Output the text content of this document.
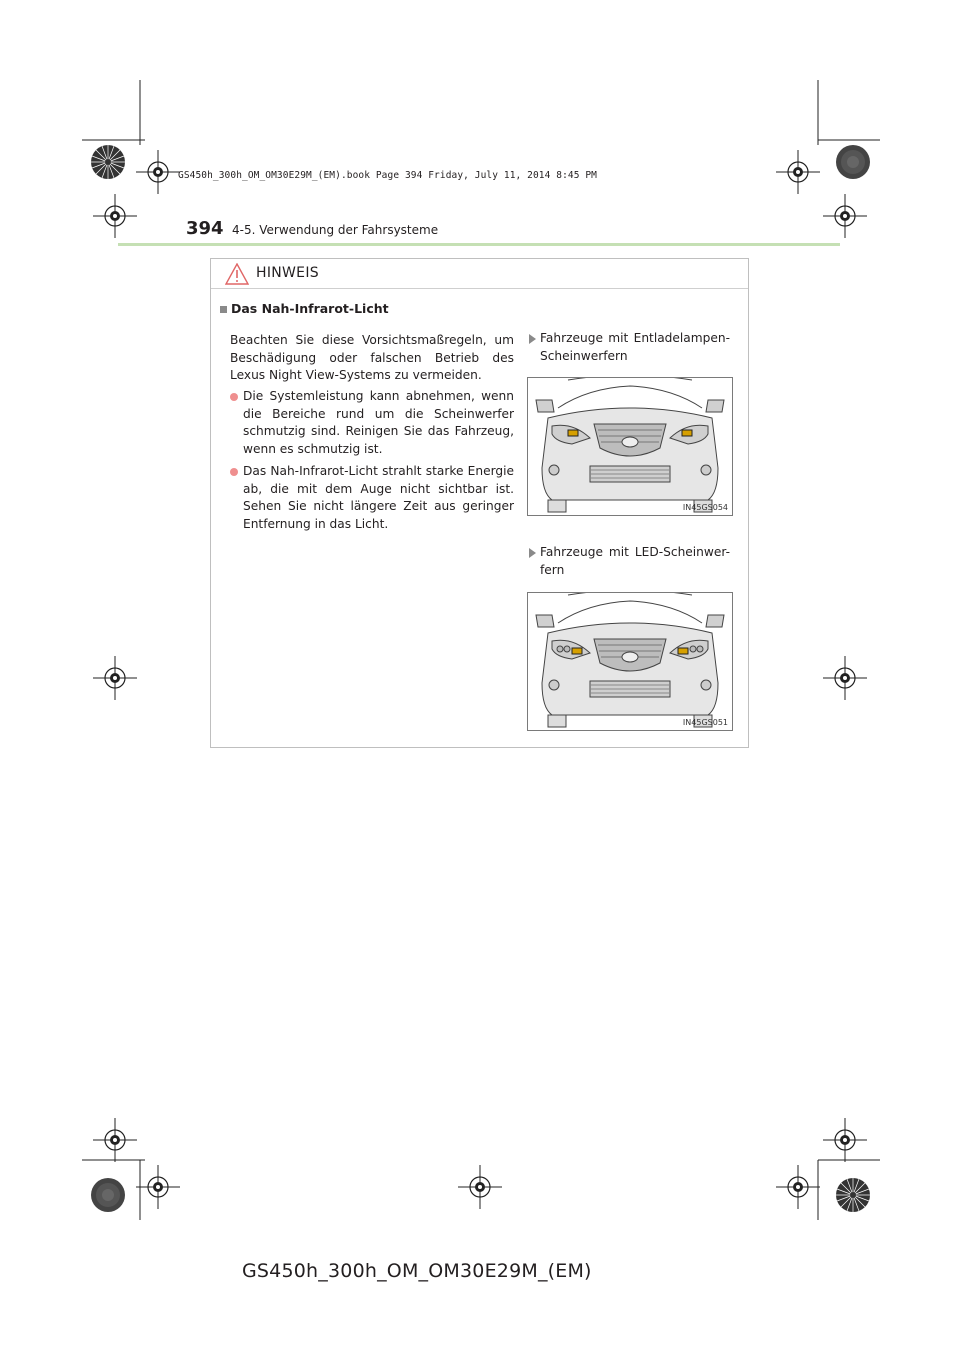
GS450h_300h_OM_OM30E29M_(EM).book Page 394 Friday, July 11, 2014 8:45 PM
394 4-5. Verwendung der Fahrsysteme
HINWEIS
Das Nah-Infrarot-Licht
Beachten Sie diese Vorsichtsmaßregeln, um Beschädigung oder falschen Betrieb des Lexus Night View-Systems zu vermeiden.
Die Systemleistung kann abnehmen, wenn die Bereiche rund um die Scheinwerfer schmutzig sind. Reinigen Sie das Fahrzeug, wenn es schmutzig ist.
Das Nah-Infrarot-Licht strahlt starke Energie ab, die mit dem Auge nicht sichtbar ist. Sehen Sie nicht längere Zeit aus geringer Entfernung in das Licht.
Fahrzeuge mit Entladelampen-Scheinwerfern
IN45GS054
Fahrzeuge mit LED-Scheinwer-fern
IN45GS051
GS450h_300h_OM_OM30E29M_(EM)
